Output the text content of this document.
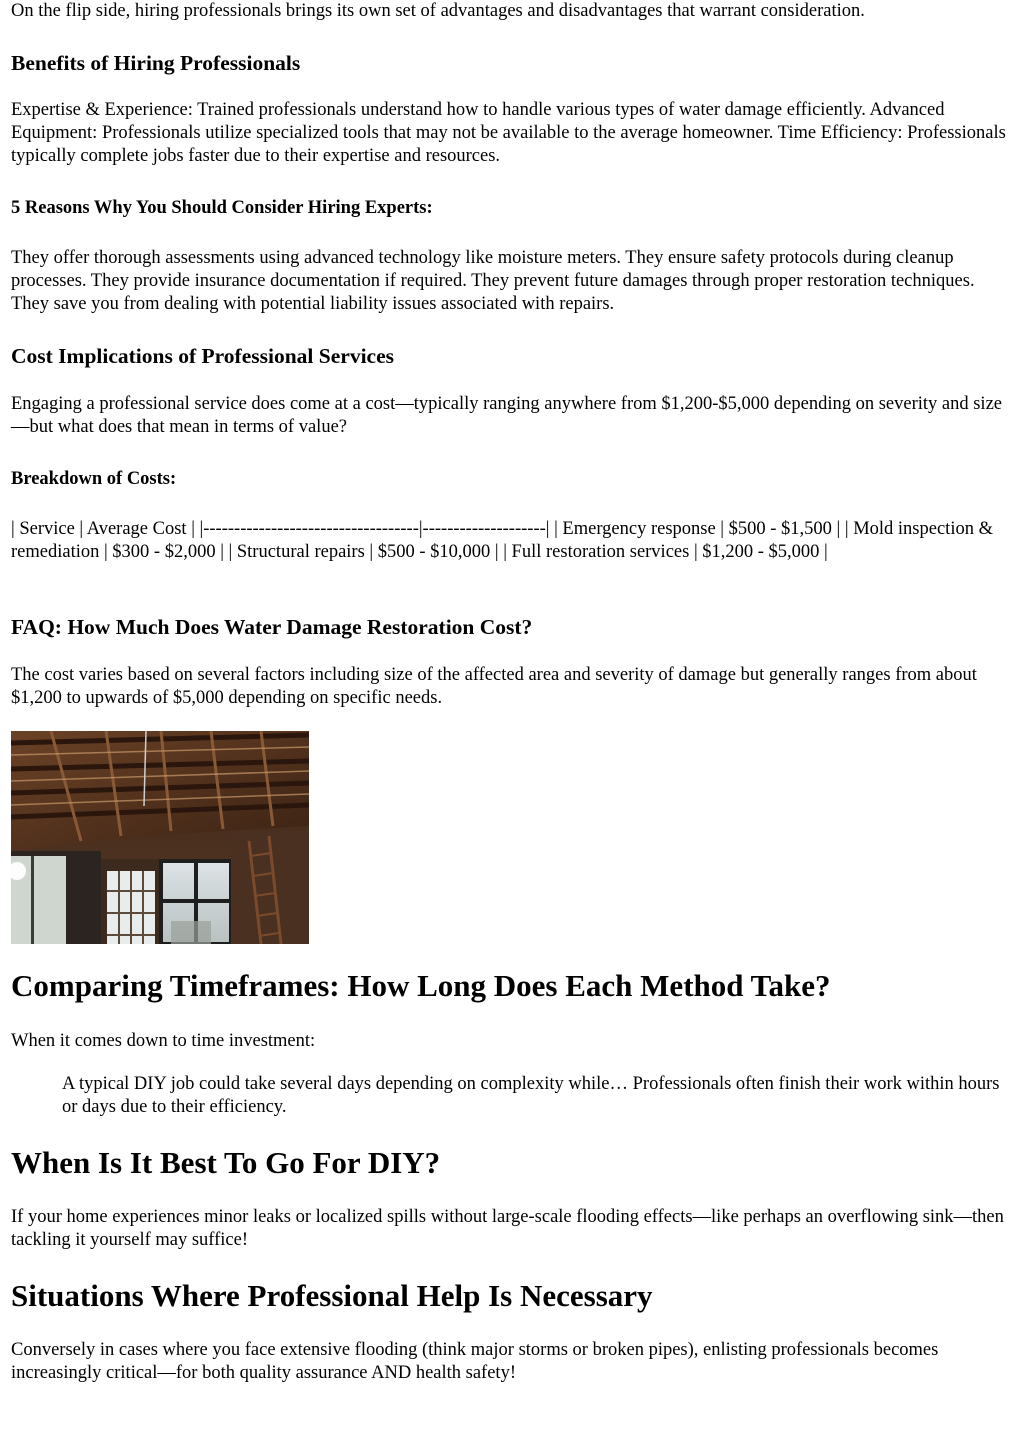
On the flip side, hiring professionals brings its own set of advantages and disadvantages that warrant consideration.

Benefits of Hiring Professionals

Expertise & Experience: Trained professionals understand how to handle various types of water damage efficiently. Advanced Equipment: Professionals utilize specialized tools that may not be available to the average homeowner. Time Efficiency: Professionals typically complete jobs faster due to their expertise and resources.

5 Reasons Why You Should Consider Hiring Experts:

They offer thorough assessments using advanced technology like moisture meters. They ensure safety protocols during cleanup processes. They provide insurance documentation if required. They prevent future damages through proper restoration techniques. They save you from dealing with potential liability issues associated with repairs.

Cost Implications of Professional Services

Engaging a professional service does come at a cost—typically ranging anywhere from $1,200-$5,000 depending on severity and size—but what does that mean in terms of value?

Breakdown of Costs:

| Service | Average Cost | |-----------------------------------|--------------------| | Emergency response | $500 - $1,500 | | Mold inspection & remediation | $300 - $2,000 | | Structural repairs | $500 - $10,000 | | Full restoration services | $1,200 - $5,000 |

FAQ: How Much Does Water Damage Restoration Cost?

The cost varies based on several factors including size of the affected area and severity of damage but generally ranges from about $1,200 to upwards of $5,000 depending on specific needs.

Comparing Timeframes: How Long Does Each Method Take?

When it comes down to time investment:

A typical DIY job could take several days depending on complexity while… Professionals often finish their work within hours or days due to their efficiency.

When Is It Best To Go For DIY?

If your home experiences minor leaks or localized spills without large-scale flooding effects—like perhaps an overflowing sink—then tackling it yourself may suffice!

Situations Where Professional Help Is Necessary

Conversely in cases where you face extensive flooding (think major storms or broken pipes), enlisting professionals becomes increasingly critical—for both quality assurance AND health safety!
